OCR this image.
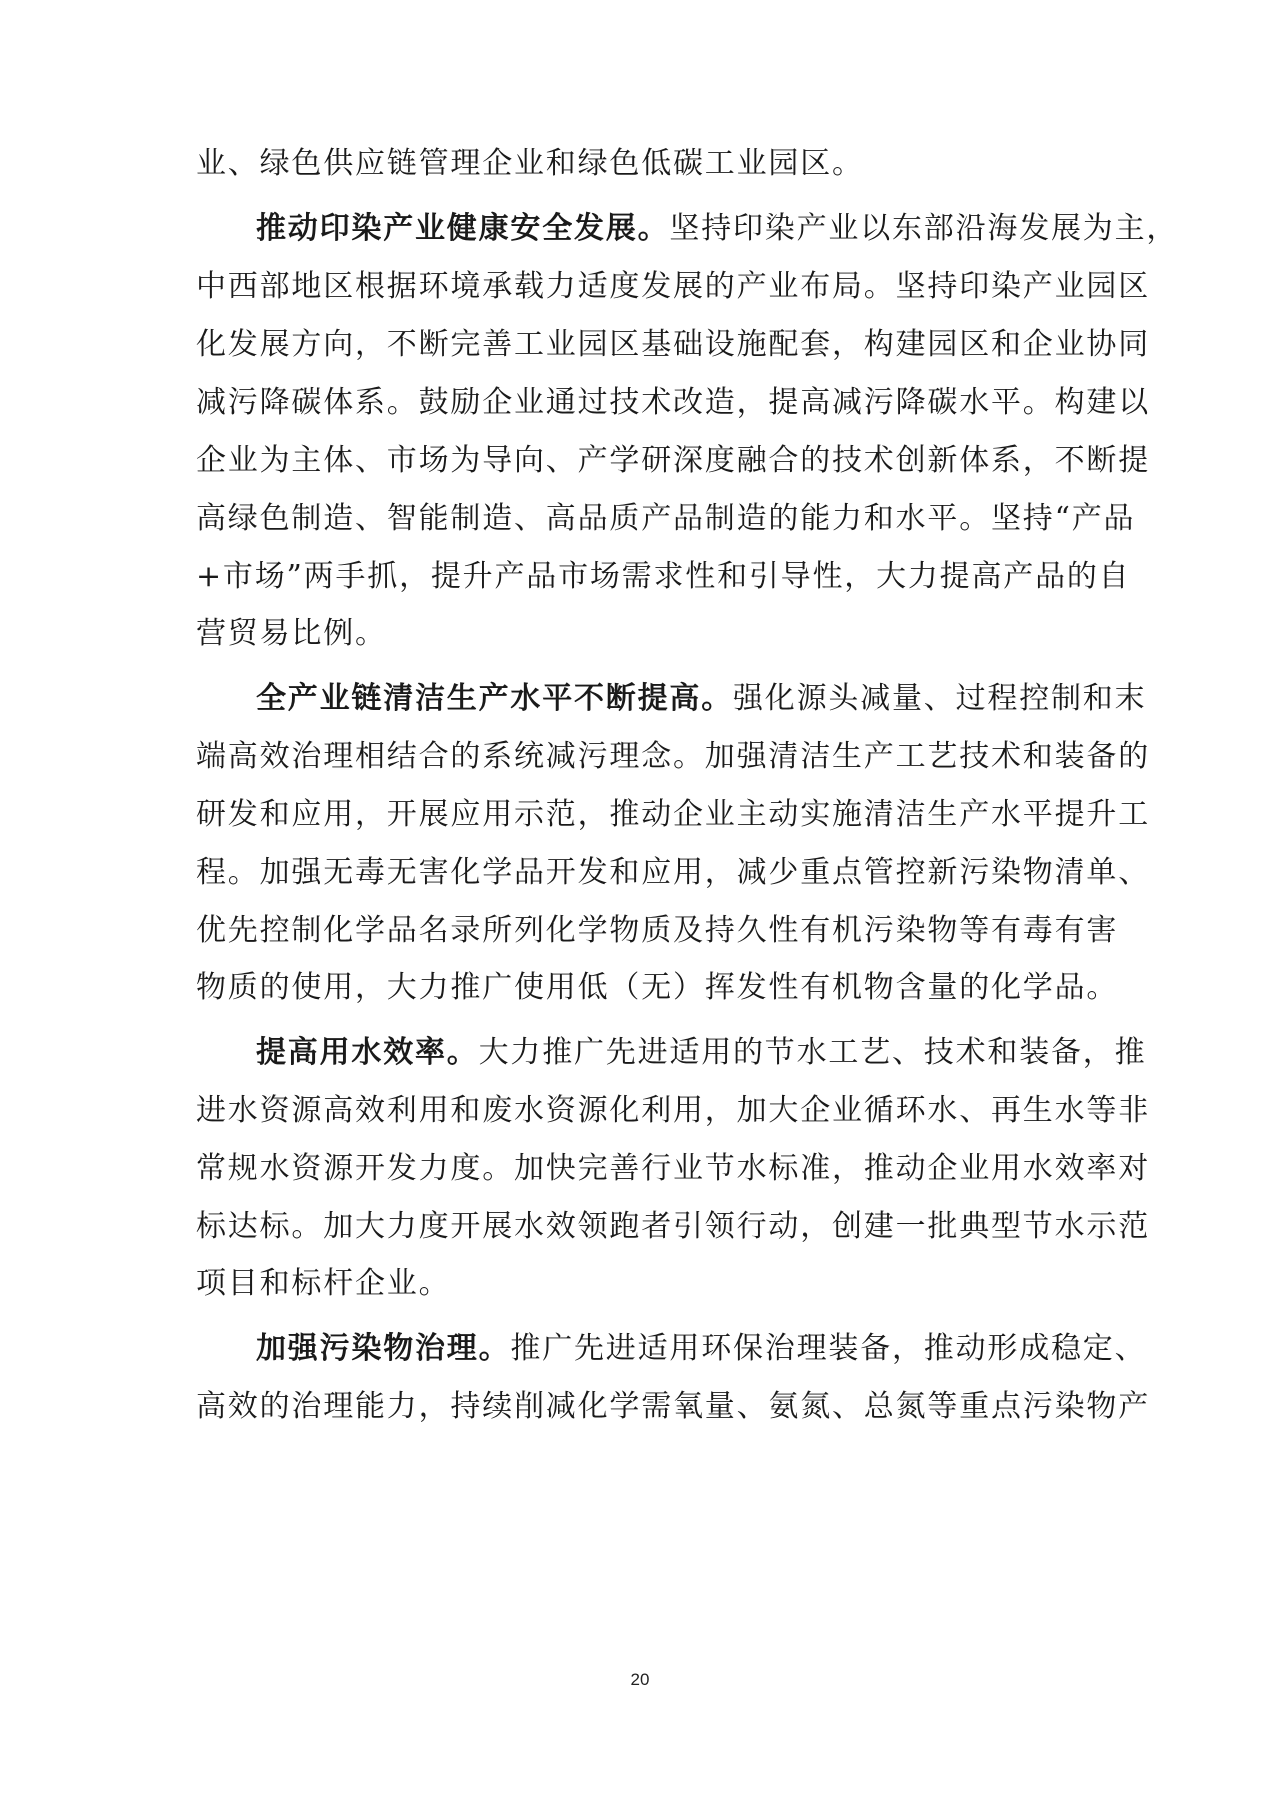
业、绿色供应链管理企业和绿色低碳工业园区。
推动印染产业健康安全发展。坚持印染产业以东部沿海发展为主，
中西部地区根据环境承载力适度发展的产业布局。坚持印染产业园区
化发展方向，不断完善工业园区基础设施配套，构建园区和企业协同
减污降碳体系。鼓励企业通过技术改造，提高减污降碳水平。构建以
企业为主体、市场为导向、产学研深度融合的技术创新体系，不断提
高绿色制造、智能制造、高品质产品制造的能力和水平。坚持“产品
+市场”两手抓，提升产品市场需求性和引导性，大力提高产品的自
营贸易比例。
全产业链清洁生产水平不断提高。强化源头减量、过程控制和末
端高效治理相结合的系统减污理念。加强清洁生产工艺技术和装备的
研发和应用，开展应用示范，推动企业主动实施清洁生产水平提升工
程。加强无毒无害化学品开发和应用，减少重点管控新污染物清单、
优先控制化学品名录所列化学物质及持久性有机污染物等有毒有害
物质的使用，大力推广使用低（无）挥发性有机物含量的化学品。
提高用水效率。大力推广先进适用的节水工艺、技术和装备，推
进水资源高效利用和废水资源化利用，加大企业循环水、再生水等非
常规水资源开发力度。加快完善行业节水标准，推动企业用水效率对
标达标。加大力度开展水效领跑者引领行动，创建一批典型节水示范
项目和标杆企业。
加强污染物治理。推广先进适用环保治理装备，推动形成稳定、
高效的治理能力，持续削减化学需氧量、氨氮、总氮等重点污染物产
20
